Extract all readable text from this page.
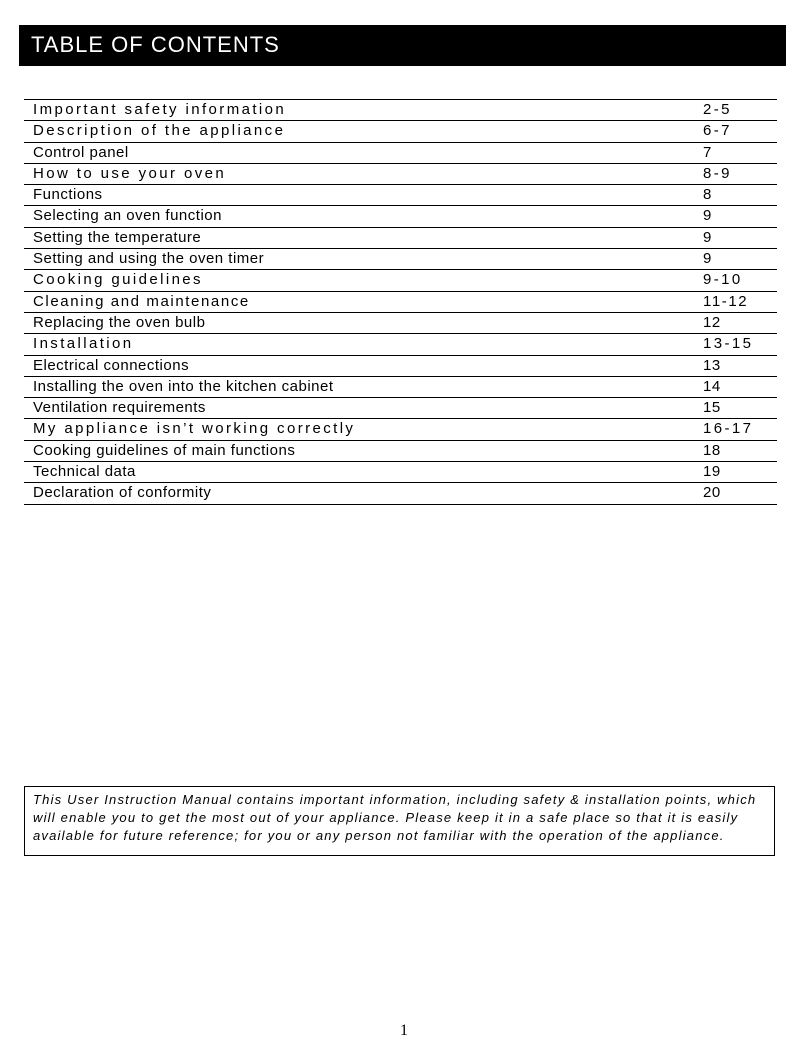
TABLE OF CONTENTS
Important safety information	2-5
Description of the appliance	6-7
Control panel	7
How to use your oven	8-9
Functions	8
Selecting an oven function	9
Setting the temperature	9
Setting and using the oven timer	9
Cooking guidelines	9-10
Cleaning and maintenance	11-12
Replacing the oven bulb	12
Installation	13-15
Electrical connections	13
Installing the oven into the kitchen cabinet	14
Ventilation requirements	15
My appliance isn’t working correctly	16-17
Cooking guidelines of main functions	18
Technical data	19
Declaration of conformity	20
This User Instruction Manual contains important information, including safety & installation points, which will enable you to get the most out of your appliance. Please keep it in a safe place so that it is easily available for future reference; for you or any person not familiar with the operation of the appliance.
1
